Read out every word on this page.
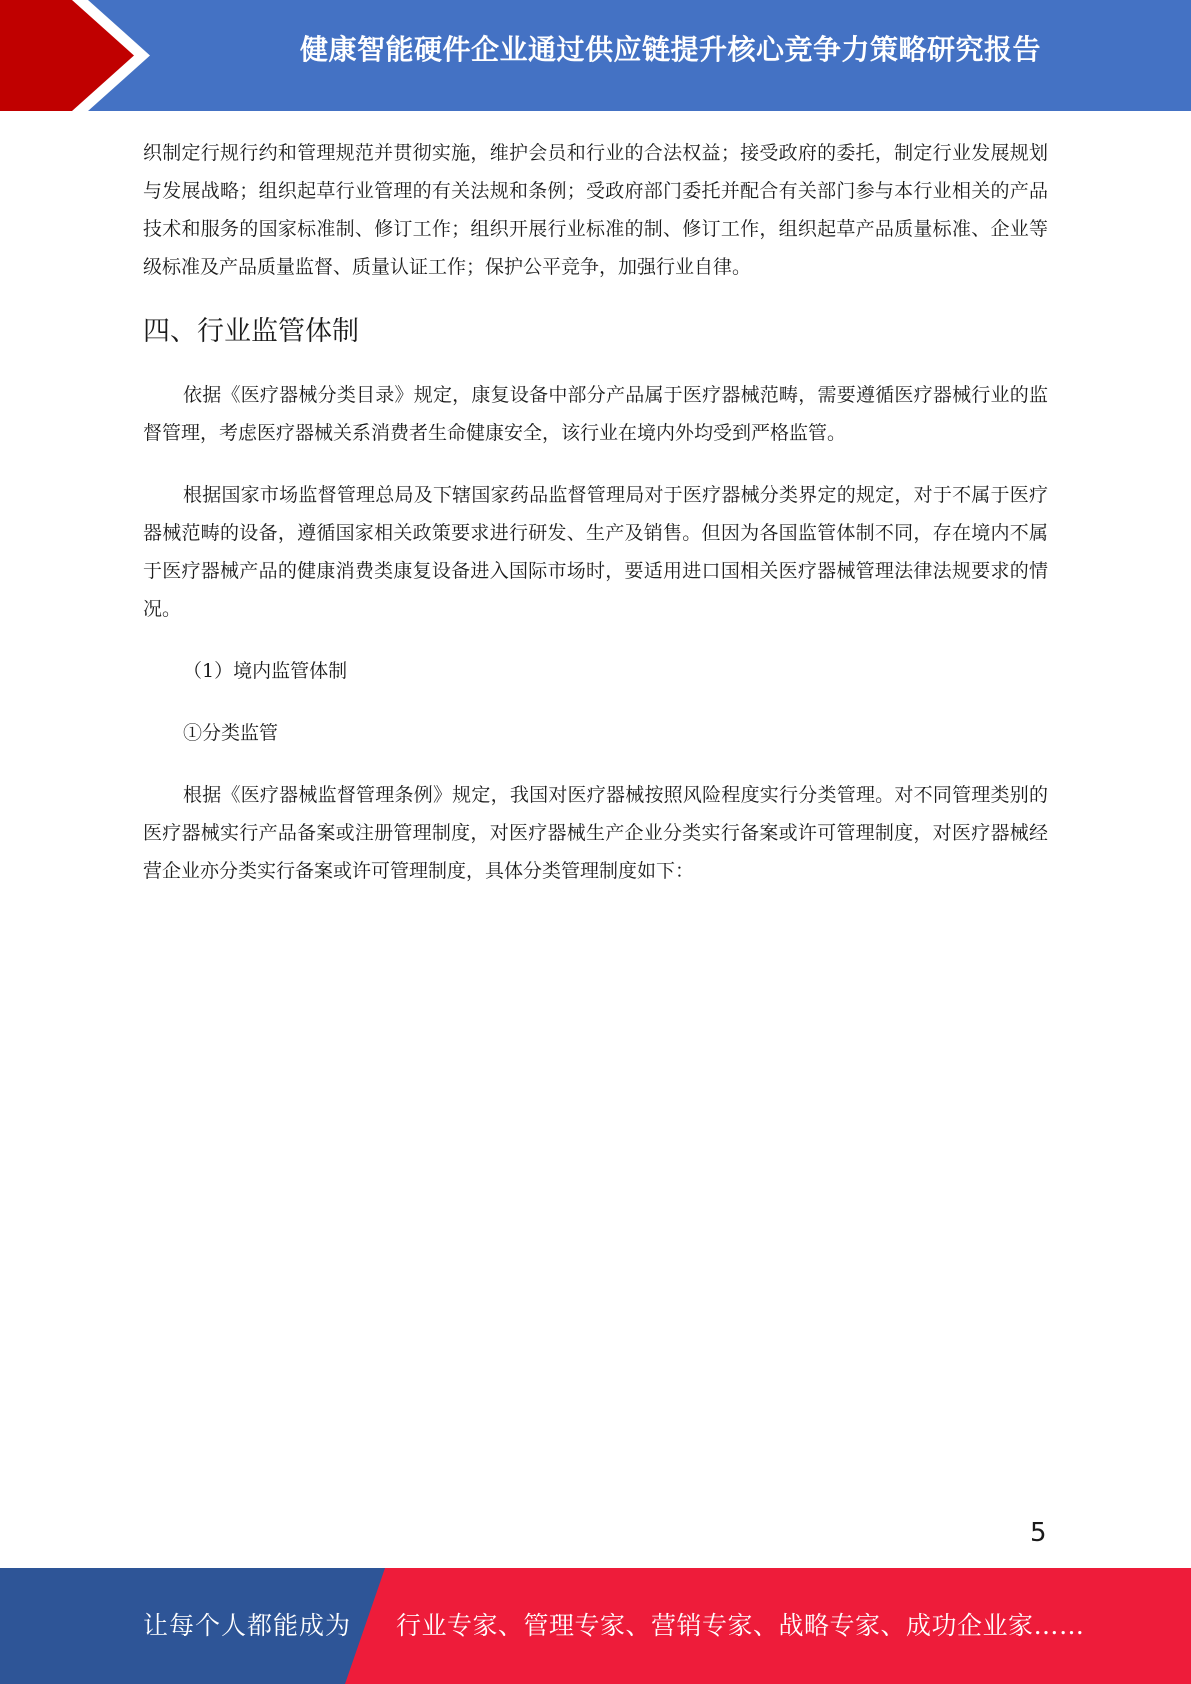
健康智能硬件企业通过供应链提升核心竞争力策略研究报告

织制定行规行约和管理规范并贯彻实施，维护会员和行业的合法权益；接受政府的委托，制定行业发展规划与发展战略；组织起草行业管理的有关法规和条例；受政府部门委托并配合有关部门参与本行业相关的产品技术和服务的国家标准制、修订工作；组织开展行业标准的制、修订工作，组织起草产品质量标准、企业等级标准及产品质量监督、质量认证工作；保护公平竞争，加强行业自律。

四、行业监管体制

依据《医疗器械分类目录》规定，康复设备中部分产品属于医疗器械范畴，需要遵循医疗器械行业的监督管理，考虑医疗器械关系消费者生命健康安全，该行业在境内外均受到严格监管。

根据国家市场监督管理总局及下辖国家药品监督管理局对于医疗器械分类界定的规定，对于不属于医疗器械范畴的设备，遵循国家相关政策要求进行研发、生产及销售。但因为各国监管体制不同，存在境内不属于医疗器械产品的健康消费类康复设备进入国际市场时，要适用进口国相关医疗器械管理法律法规要求的情况。

（1）境内监管体制
①分类监管

根据《医疗器械监督管理条例》规定，我国对医疗器械按照风险程度实行分类管理。对不同管理类别的医疗器械实行产品备案或注册管理制度，对医疗器械生产企业分类实行备案或许可管理制度，对医疗器械经营企业亦分类实行备案或许可管理制度，具体分类管理制度如下：

5
让每个人都能成为 行业专家、管理专家、营销专家、战略专家、成功企业家……
